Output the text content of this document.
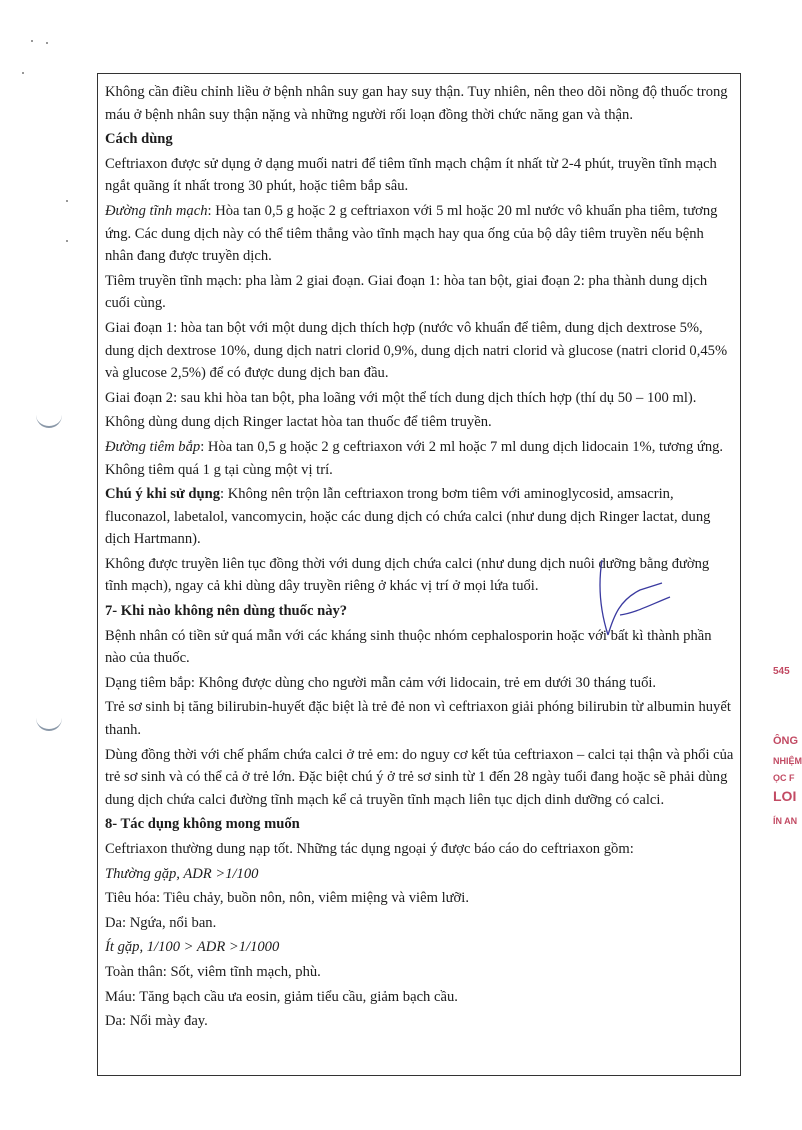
Không cần điều chỉnh liều ở bệnh nhân suy gan hay suy thận. Tuy nhiên, nên theo dõi nồng độ thuốc trong máu ở bệnh nhân suy thận nặng và những người rối loạn đồng thời chức năng gan và thận.

Cách dùng

Ceftriaxon được sử dụng ở dạng muối natri để tiêm tĩnh mạch chậm ít nhất từ 2-4 phút, truyền tĩnh mạch ngắt quãng ít nhất trong 30 phút, hoặc tiêm bắp sâu.

Đường tĩnh mạch: Hòa tan 0,5 g hoặc 2 g ceftriaxon với 5 ml hoặc 20 ml nước vô khuẩn pha tiêm, tương ứng. Các dung dịch này có thể tiêm thẳng vào tĩnh mạch hay qua ống của bộ dây tiêm truyền nếu bệnh nhân đang được truyền dịch.

Tiêm truyền tĩnh mạch: pha làm 2 giai đoạn. Giai đoạn 1: hòa tan bột, giai đoạn 2: pha thành dung dịch cuối cùng.

Giai đoạn 1: hòa tan bột với một dung dịch thích hợp (nước vô khuẩn để tiêm, dung dịch dextrose 5%, dung dịch dextrose 10%, dung dịch natri clorid 0,9%, dung dịch natri clorid và glucose (natri clorid 0,45% và glucose 2,5%) để có được dung dịch ban đầu.

Giai đoạn 2: sau khi hòa tan bột, pha loãng với một thể tích dung dịch thích hợp (thí dụ 50 – 100 ml).

Không dùng dung dịch Ringer lactat hòa tan thuốc để tiêm truyền.

Đường tiêm bắp: Hòa tan 0,5 g hoặc 2 g ceftriaxon với 2 ml hoặc 7 ml dung dịch lidocain 1%, tương ứng. Không tiêm quá 1 g tại cùng một vị trí.

Chú ý khi sử dụng: Không nên trộn lẫn ceftriaxon trong bơm tiêm với aminoglycosid, amsacrin, fluconazol, labetalol, vancomycin, hoặc các dung dịch có chứa calci (như dung dịch Ringer lactat, dung dịch Hartmann).

Không được truyền liên tục đồng thời với dung dịch chứa calci (như dung dịch nuôi dưỡng bằng đường tĩnh mạch), ngay cả khi dùng dây truyền riêng ở khác vị trí ở mọi lứa tuổi.

7- Khi nào không nên dùng thuốc này?

Bệnh nhân có tiền sử quá mẫn với các kháng sinh thuộc nhóm cephalosporin hoặc với bất kì thành phần nào của thuốc.

Dạng tiêm bắp: Không được dùng cho người mẫn cảm với lidocain, trẻ em dưới 30 tháng tuổi.

Trẻ sơ sinh bị tăng bilirubin-huyết đặc biệt là trẻ đẻ non vì ceftriaxon giải phóng bilirubin từ albumin huyết thanh.

Dùng đồng thời với chế phẩm chứa calci ở trẻ em: do nguy cơ kết tủa ceftriaxon – calci tại thận và phổi của trẻ sơ sinh và có thể cả ở trẻ lớn. Đặc biệt chú ý ở trẻ sơ sinh từ 1 đến 28 ngày tuổi đang hoặc sẽ phải dùng dung dịch chứa calci đường tĩnh mạch kể cả truyền tĩnh mạch liên tục dịch dinh dưỡng có calci.

8- Tác dụng không mong muốn

Ceftriaxon thường dung nạp tốt. Những tác dụng ngoại ý được báo cáo do ceftriaxon gồm:

Thường gặp, ADR >1/100

Tiêu hóa: Tiêu chảy, buồn nôn, nôn, viêm miệng và viêm lưỡi.

Da: Ngứa, nổi ban.

Ít gặp, 1/100 > ADR >1/1000

Toàn thân: Sốt, viêm tĩnh mạch, phù.

Máu: Tăng bạch cầu ưa eosin, giảm tiểu cầu, giảm bạch cầu.

Da: Nổi mày đay.

545
ÔNG
NHIỆM
ỌC F
LOI
ÍN AN
